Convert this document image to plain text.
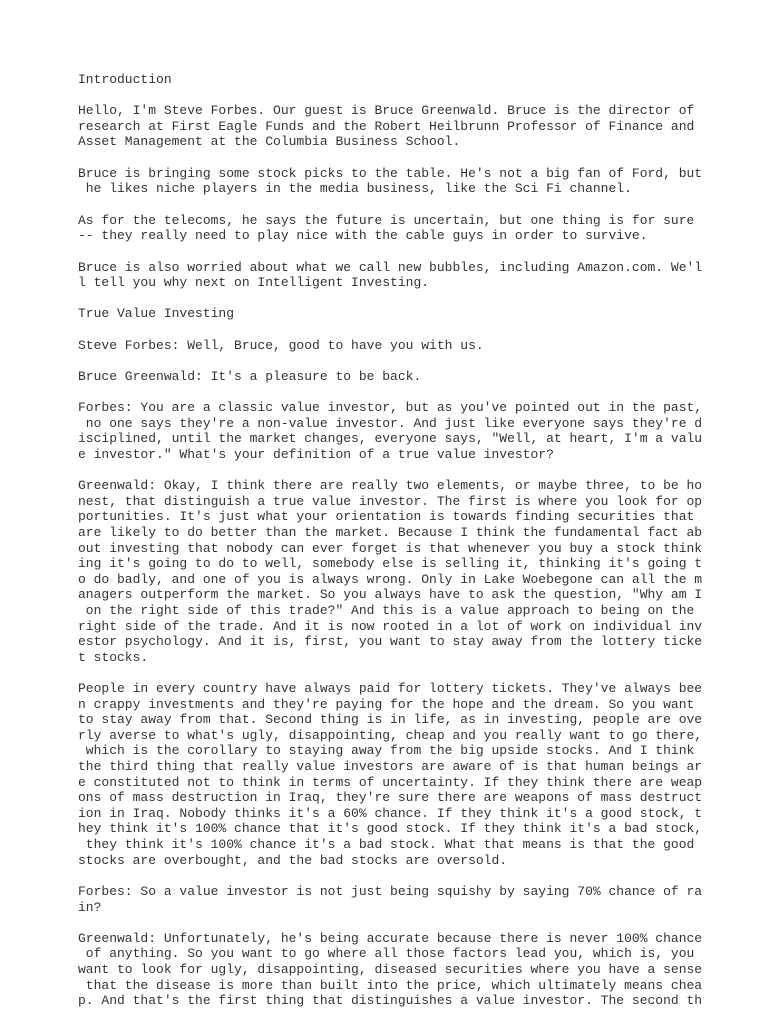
Introduction
Hello, I'm Steve Forbes. Our guest is Bruce Greenwald. Bruce is the director of
research at First Eagle Funds and the Robert Heilbrunn Professor of Finance and
Asset Management at the Columbia Business School.
Bruce is bringing some stock picks to the table. He's not a big fan of Ford, but
he likes niche players in the media business, like the Sci Fi channel.
As for the telecoms, he says the future is uncertain, but one thing is for sure
-- they really need to play nice with the cable guys in order to survive.
Bruce is also worried about what we call new bubbles, including Amazon.com. We'l
l tell you why next on Intelligent Investing.
True Value Investing
Steve Forbes: Well, Bruce, good to have you with us.
Bruce Greenwald: It's a pleasure to be back.
Forbes: You are a classic value investor, but as you've pointed out in the past,
no one says they're a non-value investor. And just like everyone says they're d
isciplined, until the market changes, everyone says, "Well, at heart, I'm a valu
e investor." What's your definition of a true value investor?
Greenwald: Okay, I think there are really two elements, or maybe three, to be ho
nest, that distinguish a true value investor. The first is where you look for op
portunities. It's just what your orientation is towards finding securities that
are likely to do better than the market. Because I think the fundamental fact ab
out investing that nobody can ever forget is that whenever you buy a stock think
ing it's going to do to well, somebody else is selling it, thinking it's going t
o do badly, and one of you is always wrong. Only in Lake Woebegone can all the m
anagers outperform the market. So you always have to ask the question, "Why am I
on the right side of this trade?" And this is a value approach to being on the
right side of the trade. And it is now rooted in a lot of work on individual inv
estor psychology. And it is, first, you want to stay away from the lottery ticke
t stocks.
People in every country have always paid for lottery tickets. They've always bee
n crappy investments and they're paying for the hope and the dream. So you want
to stay away from that. Second thing is in life, as in investing, people are ove
rly averse to what's ugly, disappointing, cheap and you really want to go there,
which is the corollary to staying away from the big upside stocks. And I think
the third thing that really value investors are aware of is that human beings ar
e constituted not to think in terms of uncertainty. If they think there are weap
ons of mass destruction in Iraq, they're sure there are weapons of mass destruct
ion in Iraq. Nobody thinks it's a 60% chance. If they think it's a good stock, t
hey think it's 100% chance that it's good stock. If they think it's a bad stock,
they think it's 100% chance it's a bad stock. What that means is that the good
stocks are overbought, and the bad stocks are oversold.
Forbes: So a value investor is not just being squishy by saying 70% chance of ra
in?
Greenwald: Unfortunately, he's being accurate because there is never 100% chance
of anything. So you want to go where all those factors lead you, which is, you
want to look for ugly, disappointing, diseased securities where you have a sense
that the disease is more than built into the price, which ultimately means chea
p. And that's the first thing that distinguishes a value investor. The second th
